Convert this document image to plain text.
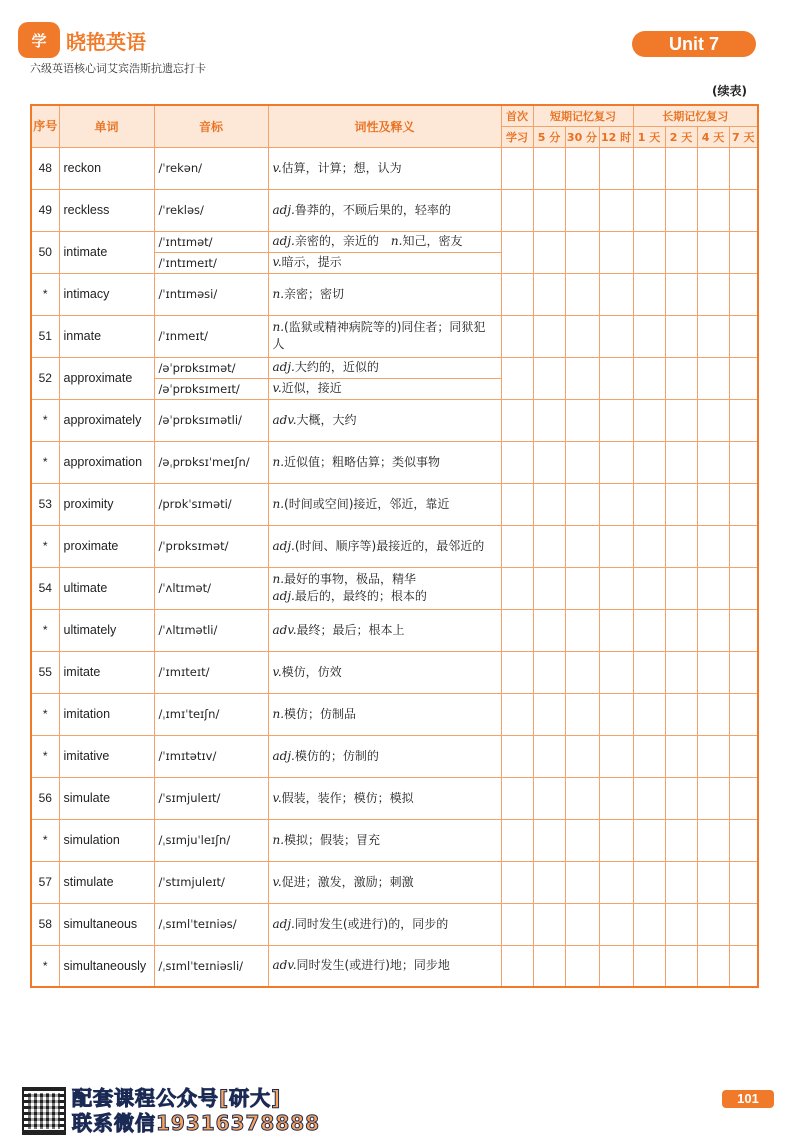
学 晓艳英语
六级英语核心词艾宾浩斯抗遗忘打卡
Unit 7
(续表)
序号	单词	音标	词性及释义	首次	短期记忆复习			长期记忆复习			
				学习	5 分	30 分	12 时	1 天	2 天	4 天	7 天
48	reckon	/ˈrekən/	v.估算，计算；想，认为								
49	reckless	/ˈrekləs/	adj.鲁莽的，不顾后果的，轻率的								
50	intimate	/ˈɪntɪmət/	adj.亲密的，亲近的　n.知己，密友								
		/ˈɪntɪmeɪt/	v.暗示，提示								
*	intimacy	/ˈɪntɪməsi/	n.亲密；密切								
51	inmate	/ˈɪnmeɪt/	n.(监狱或精神病院等的)同住者；同狱犯人								
52	approximate	/əˈprɒksɪmət/	adj.大约的，近似的								
		/əˈprɒksɪmeɪt/	v.近似，接近								
*	approximately	/əˈprɒksɪmətli/	adv.大概，大约								
*	approximation	/əˌprɒksɪˈmeɪʃn/	n.近似值；粗略估算；类似事物								
53	proximity	/prɒkˈsɪməti/	n.(时间或空间)接近，邻近，靠近								
*	proximate	/ˈprɒksɪmət/	adj.(时间、顺序等)最接近的，最邻近的								
54	ultimate	/ˈʌltɪmət/	n.最好的事物，极品，精华
adj.最后的，最终的；根本的								
*	ultimately	/ˈʌltɪmətli/	adv.最终；最后；根本上								
55	imitate	/ˈɪmɪteɪt/	v.模仿，仿效								
*	imitation	/ˌɪmɪˈteɪʃn/	n.模仿；仿制品								
*	imitative	/ˈɪmɪtətɪv/	adj.模仿的；仿制的								
56	simulate	/ˈsɪmjuleɪt/	v.假装，装作；模仿；模拟								
*	simulation	/ˌsɪmjuˈleɪʃn/	n.模拟；假装；冒充								
57	stimulate	/ˈstɪmjuleɪt/	v.促进；激发，激励；刺激								
58	simultaneous	/ˌsɪmlˈteɪniəs/	adj.同时发生(或进行)的，同步的								
*	simultaneously	/ˌsɪmlˈteɪniəsli/	adv.同时发生(或进行)地；同步地								
配套课程公众号[研大]
联系微信19316378888
101
